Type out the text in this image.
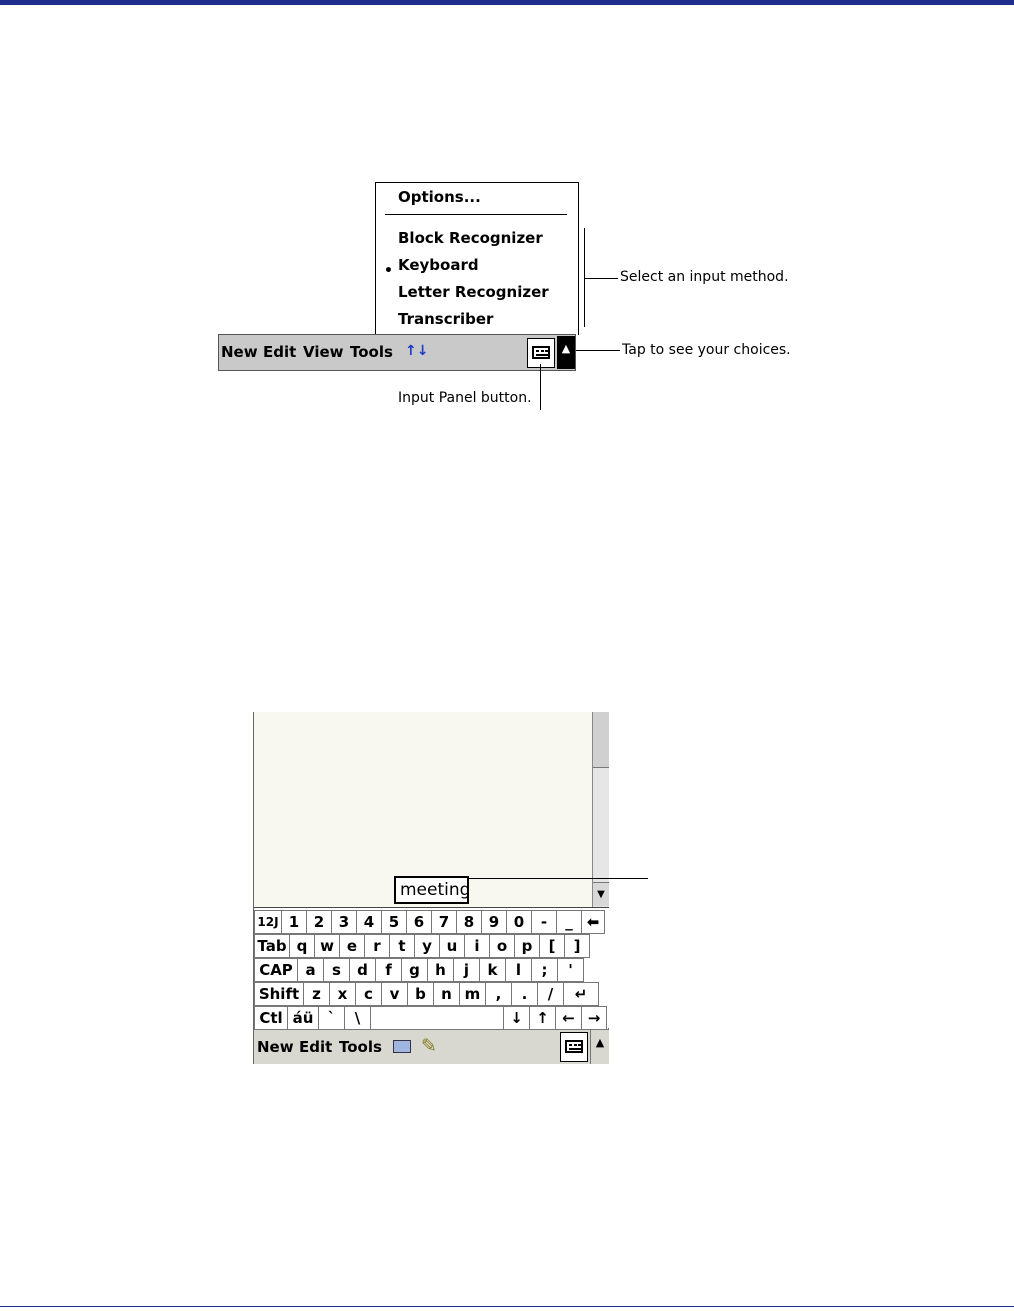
Options...
Block Recognizer
• Keyboard
Letter Recognizer
Transcriber
New Edit View Tools ↑↓	▲
Select an input method.
Tap to see your choices.
Input Panel button.
meeting	▼
12J 1 2 3 4 5 6 7 8 9 0	-	_ ⬅
Tab q w e	r	t	y u	i	o p	[	]
CAP a	s	d	f	g	h	j	k	l	;	'
Shift z	x	c	v	b	n m	,	.	/	↵
Ctl áü `	\	↓ ↑ ← →
New Edit Tools ✎	▲
